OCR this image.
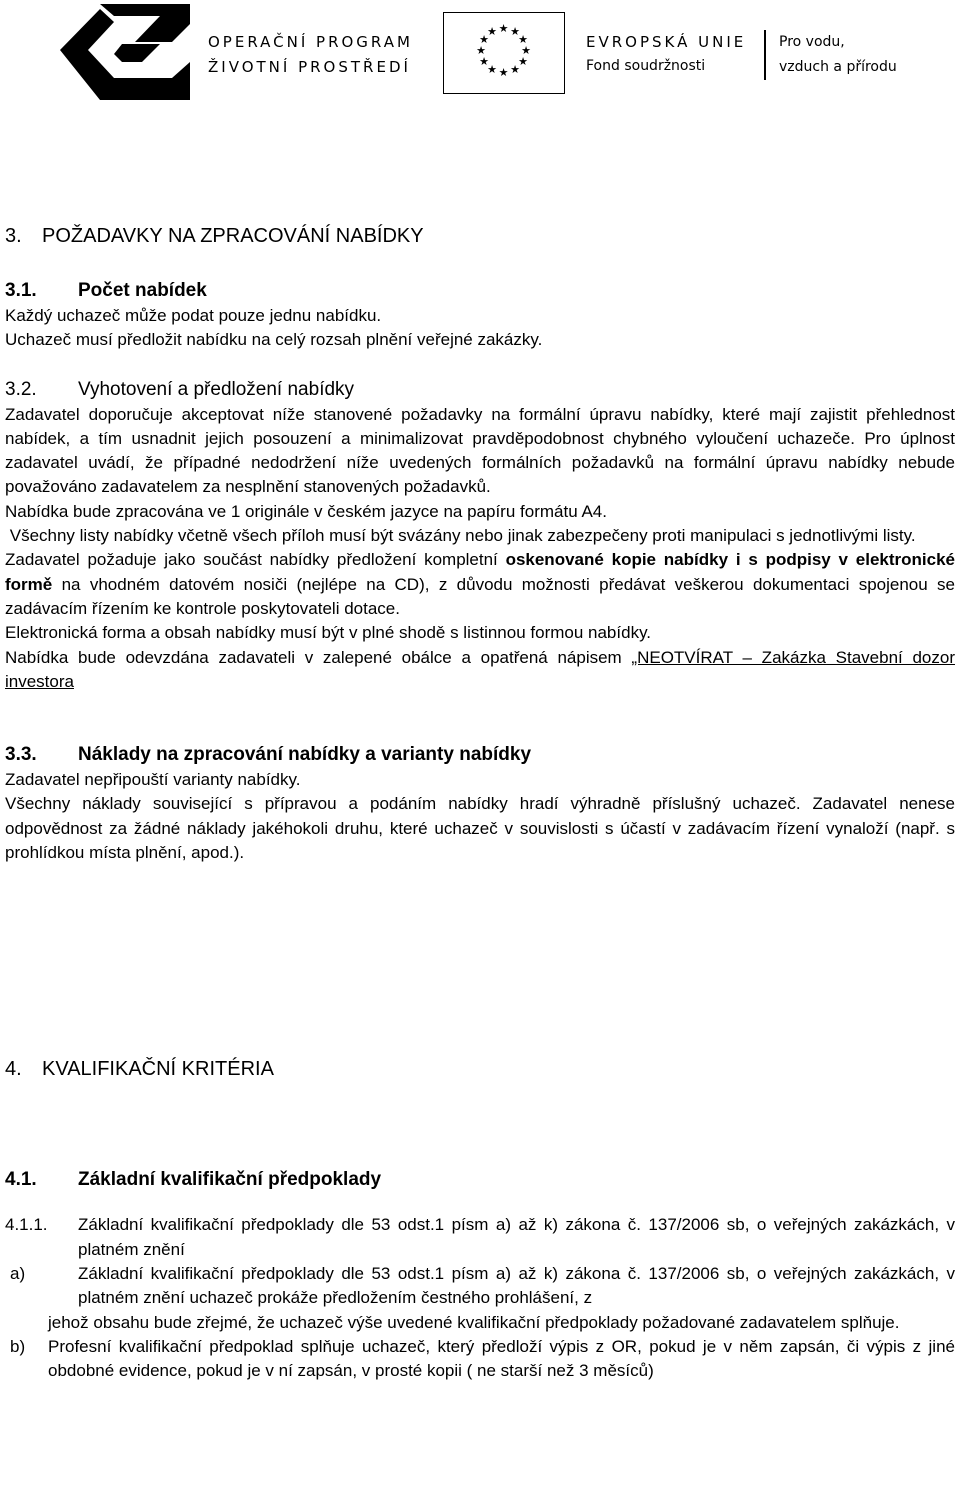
OPERAČNÍ PROGRAM
ŽIVOTNÍ PROSTŘEDÍ
★ ★
★
★
★
★
★
★
★
★
★
★
EVROPSKÁ UNIE
Fond soudržnosti
Pro vodu,
vzduch a přírodu
3. POŽADAVKY NA ZPRACOVÁNÍ NABÍDKY
3.1. Počet nabídek

Každý uchazeč může podat pouze jednu nabídku.

Uchazeč musí předložit nabídku na celý rozsah plnění veřejné zakázky.

3.2. Vyhotovení a předložení nabídky

Zadavatel doporučuje akceptovat níže stanovené požadavky na formální úpravu nabídky, které mají zajistit přehlednost nabídek, a tím usnadnit jejich posouzení a minimalizovat pravděpodobnost chybného vyloučení uchazeče. Pro úplnost zadavatel uvádí, že případné nedodržení níže uvedených formálních požadavků na formální úpravu nabídky nebude považováno zadavatelem za nesplnění stanovených požadavků.

Nabídka bude zpracována ve 1 originále v českém jazyce na papíru formátu A4.

Všechny listy nabídky včetně všech příloh musí být svázány nebo jinak zabezpečeny proti manipulaci s jednotlivými listy.

Zadavatel požaduje jako součást nabídky předložení kompletní oskenované kopie nabídky i s podpisy v elektronické formě na vhodném datovém nosiči (nejlépe na CD), z důvodu možnosti předávat veškerou dokumentaci spojenou se zadávacím řízením ke kontrole poskytovateli dotace.

Elektronická forma a obsah nabídky musí být v plné shodě s listinnou formou nabídky.

Nabídka bude odevzdána zadavateli v zalepené obálce a opatřená nápisem „NEOTVÍRAT – Zakázka Stavební dozor investora

3.3. Náklady na zpracování nabídky a varianty nabídky

Zadavatel nepřipouští varianty nabídky.

Všechny náklady související s přípravou a podáním nabídky hradí výhradně příslušný uchazeč. Zadavatel nenese odpovědnost za žádné náklady jakéhokoli druhu, které uchazeč v souvislosti s účastí v zadávacím řízení vynaloží (např. s prohlídkou místa plnění, apod.).

4. KVALIFIKAČNÍ KRITÉRIA
4.1. Základní kvalifikační předpoklady
4.1.1.	Základní kvalifikační předpoklady dle 53 odst.1 písm a) až k) zákona č. 137/2006 sb, o veřejných zakázkách, v platném znění
a)	Základní kvalifikační předpoklady dle 53 odst.1 písm a) až k) zákona č. 137/2006 sb, o veřejných zakázkách, v platném znění uchazeč prokáže předložením čestného prohlášení, z

jehož obsahu bude zřejmé, že uchazeč výše uvedené kvalifikační předpoklady požadované zadavatelem splňuje.

b)	Profesní kvalifikační předpoklad splňuje uchazeč, který předloží výpis z OR, pokud je v něm zapsán, či výpis z jiné obdobné evidence, pokud je v ní zapsán, v prosté kopii ( ne starší než 3 měsíců)
